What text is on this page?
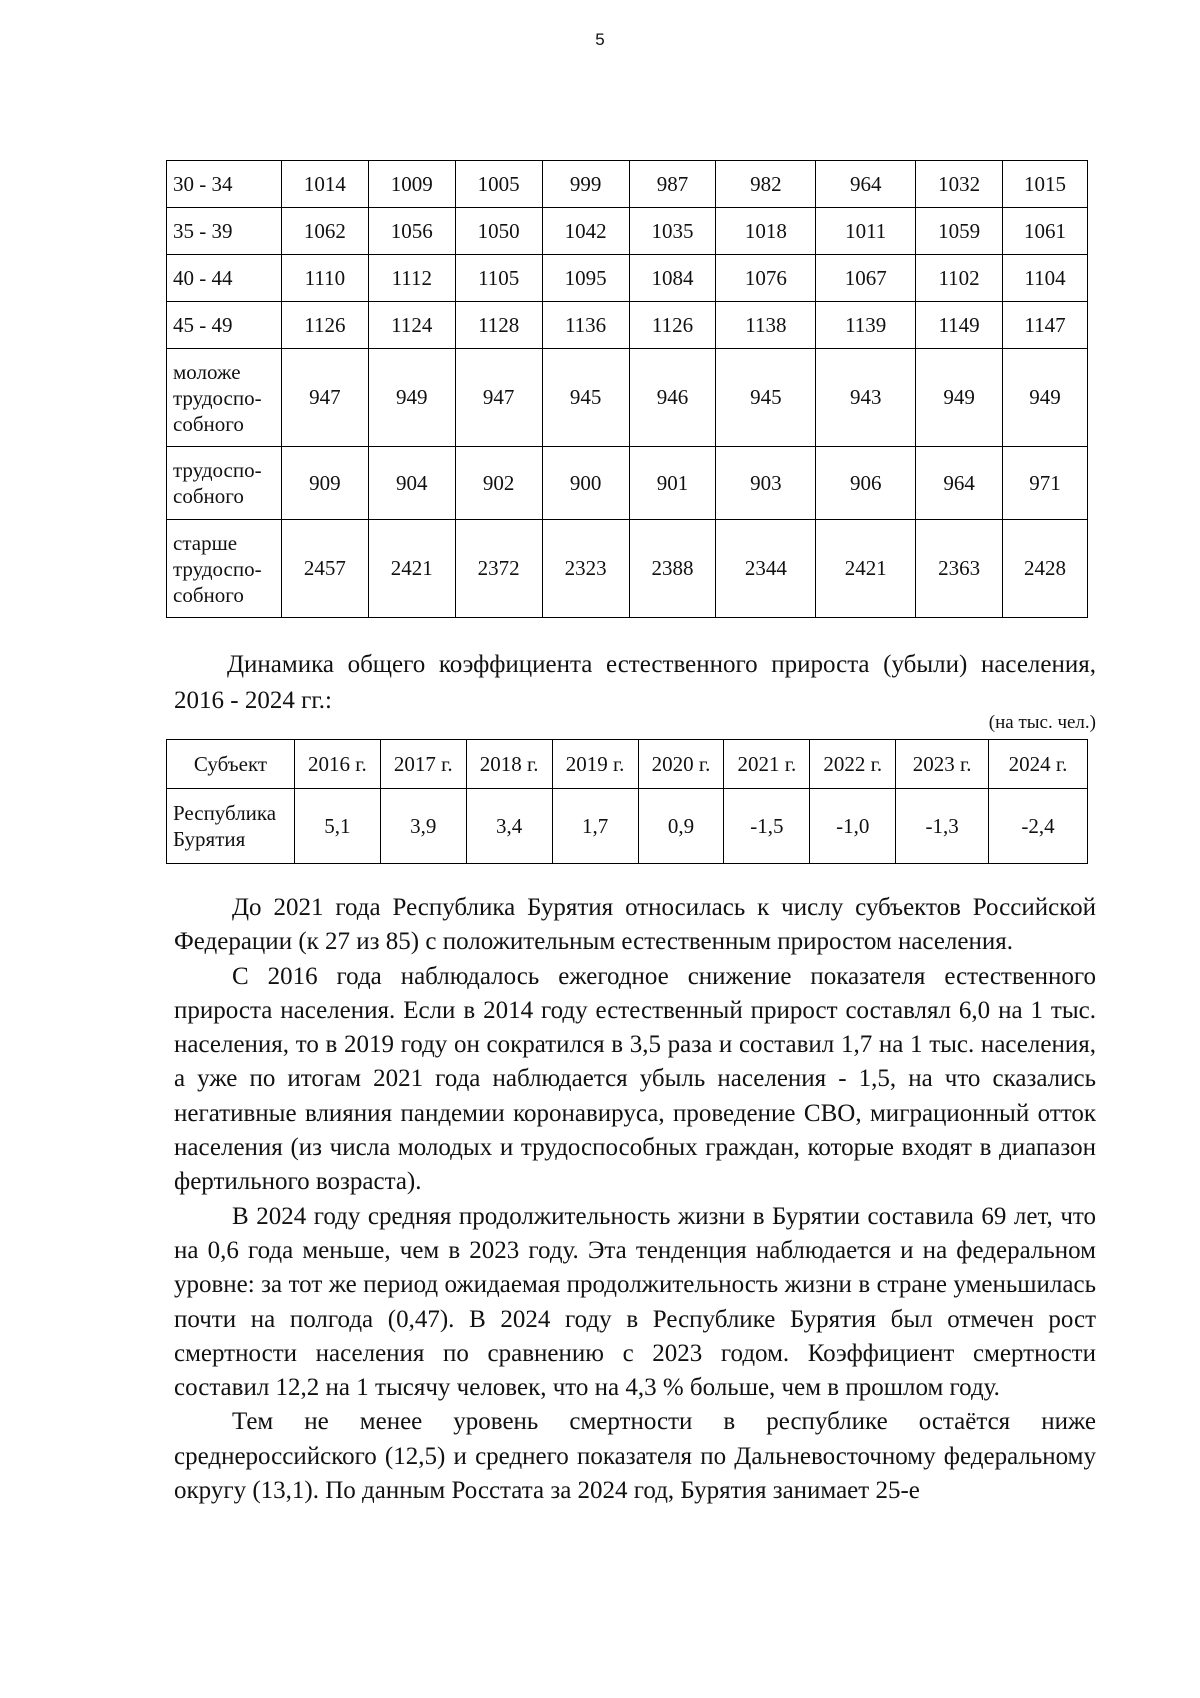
5
30 - 34	1014	1009	1005	999	987	982	964	1032	1015
35 - 39	1062	1056	1050	1042	1035	1018	1011	1059	1061
40 - 44	1110	1112	1105	1095	1084	1076	1067	1102	1104
45 - 49	1126	1124	1128	1136	1126	1138	1139	1149	1147
моложе
трудоспо-
собного	947	949	947	945	946	945	943	949	949
трудоспо-
собного	909	904	902	900	901	903	906	964	971
старше
трудоспо-
собного	2457	2421	2372	2323	2388	2344	2421	2363	2428
Динамика общего коэффициента естественного прироста (убыли) населения, 2016 - 2024 гг.:
(на тыс. чел.)
Субъект	2016 г.	2017 г.	2018 г.	2019 г.	2020 г.	2021 г.	2022 г.	2023 г.	2024 г.
Республика
Бурятия	5,1	3,9	3,4	1,7	0,9	-1,5	-1,0	-1,3	-2,4

До 2021 года Республика Бурятия относилась к числу субъектов Российской Федерации (к 27 из 85) с положительным естественным приростом населения.

С 2016 года наблюдалось ежегодное снижение показателя естественного прироста населения. Если в 2014 году естественный прирост составлял 6,0 на 1 тыс. населения, то в 2019 году он сократился в 3,5 раза и составил 1,7 на 1 тыс. населения, а уже по итогам 2021 года наблюдается убыль населения - 1,5, на что сказались негативные влияния пандемии коронавируса, проведение СВО, миграционный отток населения (из числа молодых и трудоспособных граждан, которые входят в диапазон фертильного возраста).

В 2024 году средняя продолжительность жизни в Бурятии составила 69 лет, что на 0,6 года меньше, чем в 2023 году. Эта тенденция наблюдается и на федеральном уровне: за тот же период ожидаемая продолжительность жизни в стране уменьшилась почти на полгода (0,47). В 2024 году в Республике Бурятия был отмечен рост смертности населения по сравнению с 2023 годом. Коэффициент смертности составил 12,2 на 1 тысячу человек, что на 4,3 % больше, чем в прошлом году.

Тем не менее уровень смертности в республике остаётся ниже среднероссийского (12,5) и среднего показателя по Дальневосточному федеральному округу (13,1). По данным Росстата за 2024 год, Бурятия занимает 25-е
